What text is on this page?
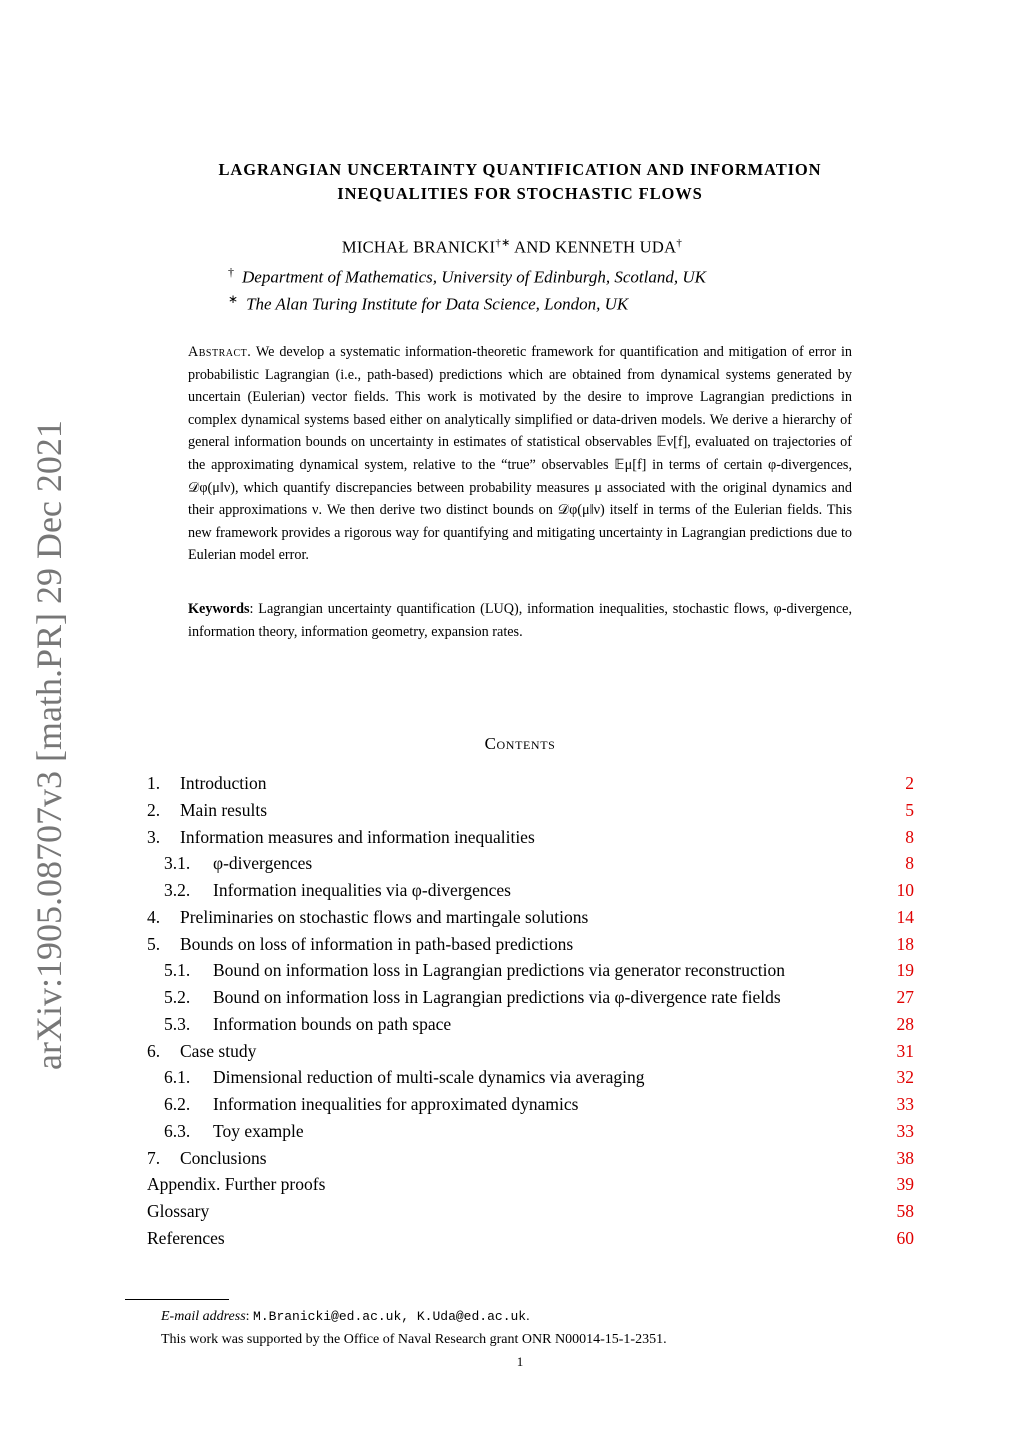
arXiv:1905.08707v3 [math.PR] 29 Dec 2021
LAGRANGIAN UNCERTAINTY QUANTIFICATION AND INFORMATION
INEQUALITIES FOR STOCHASTIC FLOWS
MICHAŁ BRANICKI†∗ AND KENNETH UDA†
† Department of Mathematics, University of Edinburgh, Scotland, UK
∗ The Alan Turing Institute for Data Science, London, UK
Abstract. We develop a systematic information-theoretic framework for quantification and mitigation of error in probabilistic Lagrangian (i.e., path-based) predictions which are obtained from dynamical systems generated by uncertain (Eulerian) vector fields. This work is motivated by the desire to improve Lagrangian predictions in complex dynamical systems based either on analytically simplified or data-driven models. We derive a hierarchy of general information bounds on uncertainty in estimates of statistical observables 𝔼ν[f], evaluated on trajectories of the approximating dynamical system, relative to the “true” observables 𝔼μ[f] in terms of certain φ-divergences, 𝒟φ(μ‖ν), which quantify discrepancies between probability measures μ associated with the original dynamics and their approximations ν. We then derive two distinct bounds on 𝒟φ(μ‖ν) itself in terms of the Eulerian fields. This new framework provides a rigorous way for quantifying and mitigating uncertainty in Lagrangian predictions due to Eulerian model error.
Keywords: Lagrangian uncertainty quantification (LUQ), information inequalities, stochastic flows, φ-divergence, information theory, information geometry, expansion rates.
Contents
1. Introduction	2
2. Main results	5
3. Information measures and information inequalities	8
3.1. φ-divergences	8
3.2. Information inequalities via φ-divergences	10
4. Preliminaries on stochastic flows and martingale solutions	14
5. Bounds on loss of information in path-based predictions	18
5.1. Bound on information loss in Lagrangian predictions via generator reconstruction	19
5.2. Bound on information loss in Lagrangian predictions via φ-divergence rate fields	27
5.3. Information bounds on path space	28
6. Case study	31
6.1. Dimensional reduction of multi-scale dynamics via averaging	32
6.2. Information inequalities for approximated dynamics	33
6.3. Toy example	33
7. Conclusions	38
Appendix. Further proofs	39
Glossary	58
References	60
E-mail address: M.Branicki@ed.ac.uk, K.Uda@ed.ac.uk.
This work was supported by the Office of Naval Research grant ONR N00014-15-1-2351.
1
